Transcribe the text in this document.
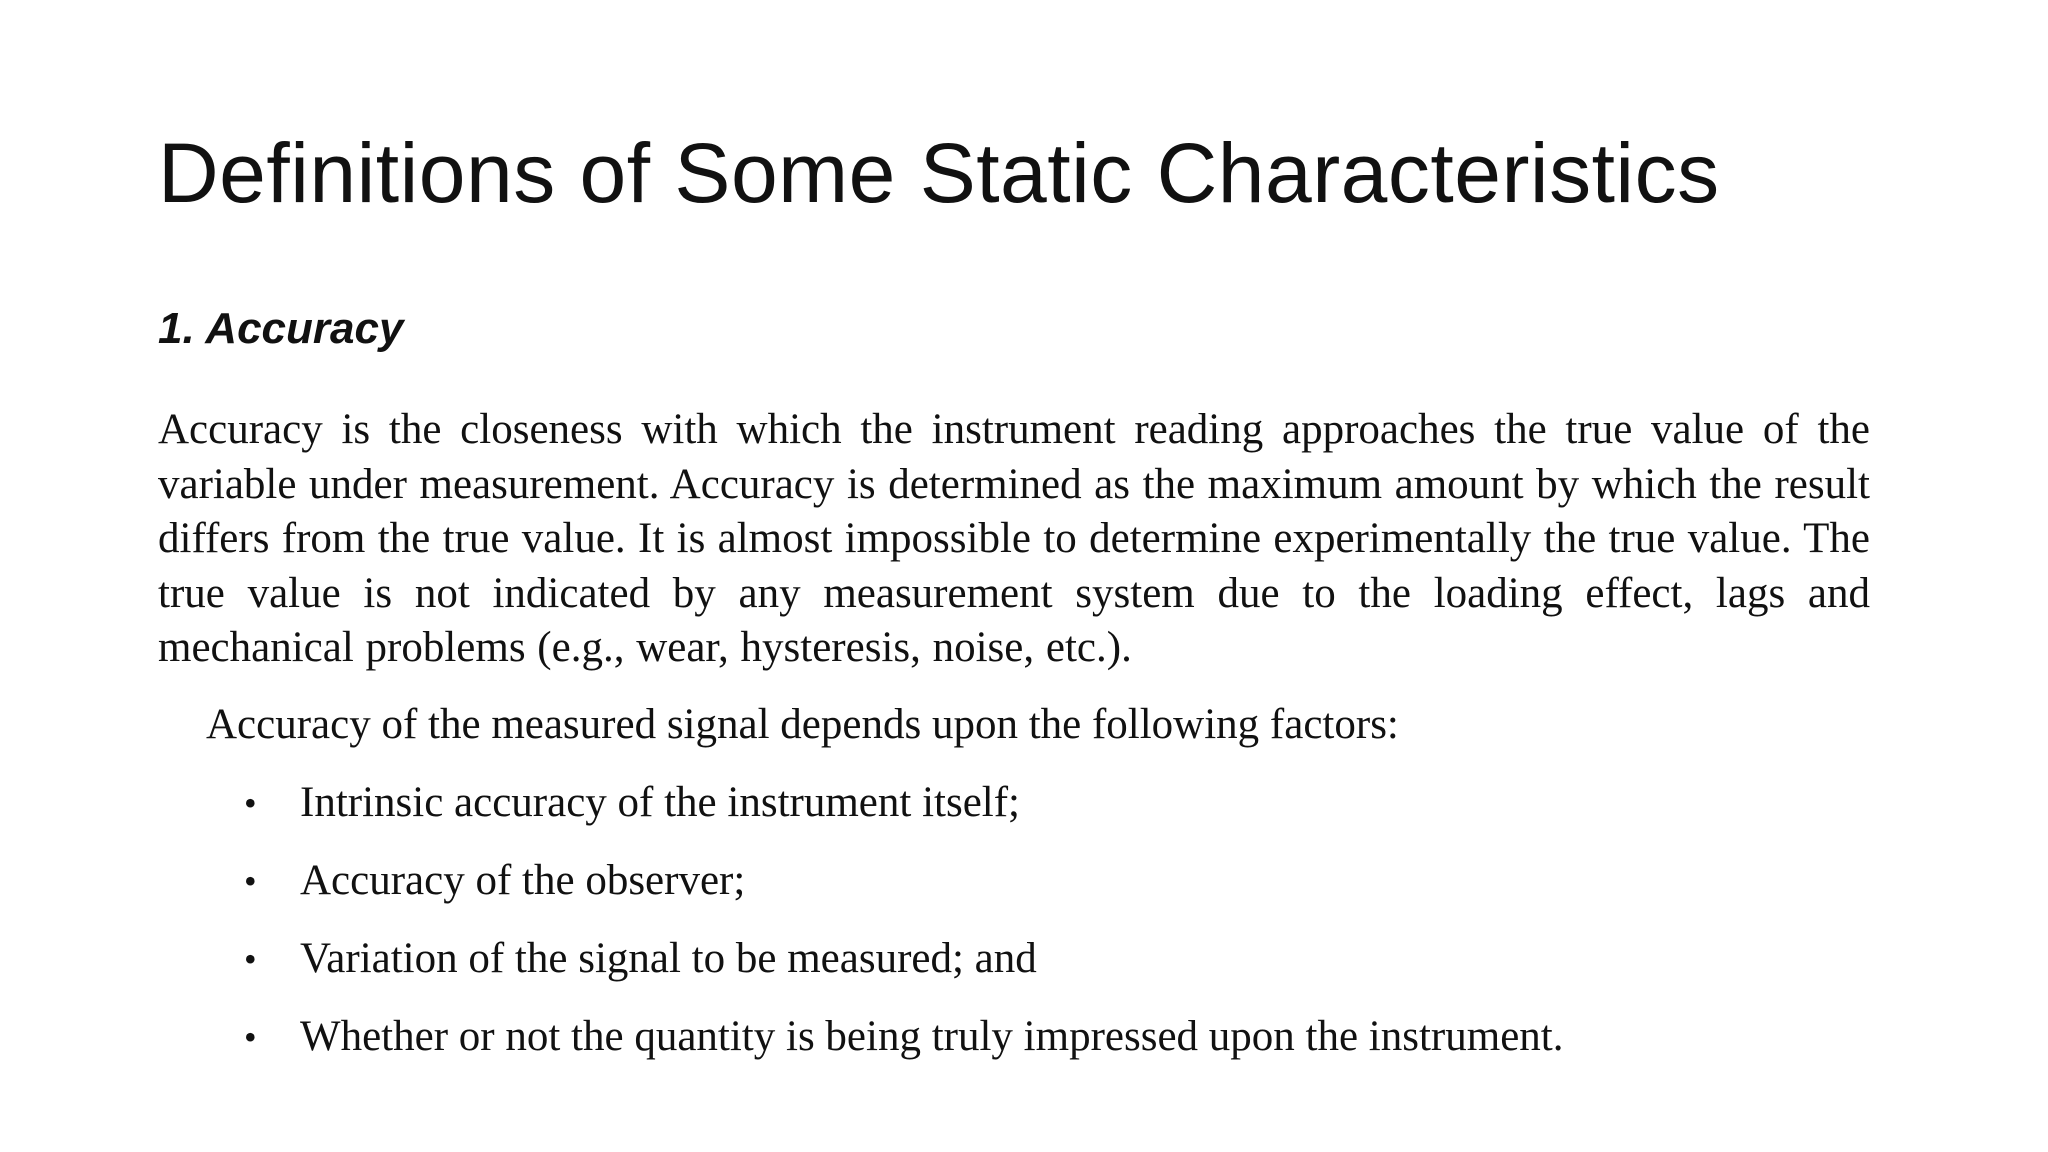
Definitions of Some Static Characteristics
1. Accuracy
Accuracy is the closeness with which the instrument reading approaches the true value of the variable under measurement. Accuracy is determined as the maximum amount by which the result differs from the true value. It is almost impossible to determine experimentally the true value. The true value is not indicated by any measurement system due to the loading effect, lags and mechanical problems (e.g., wear, hysteresis, noise, etc.).
Accuracy of the measured signal depends upon the following factors:
•	Intrinsic accuracy of the instrument itself;
•	Accuracy of the observer;
•	Variation of the signal to be measured; and
•	Whether or not the quantity is being truly impressed upon the instrument.
